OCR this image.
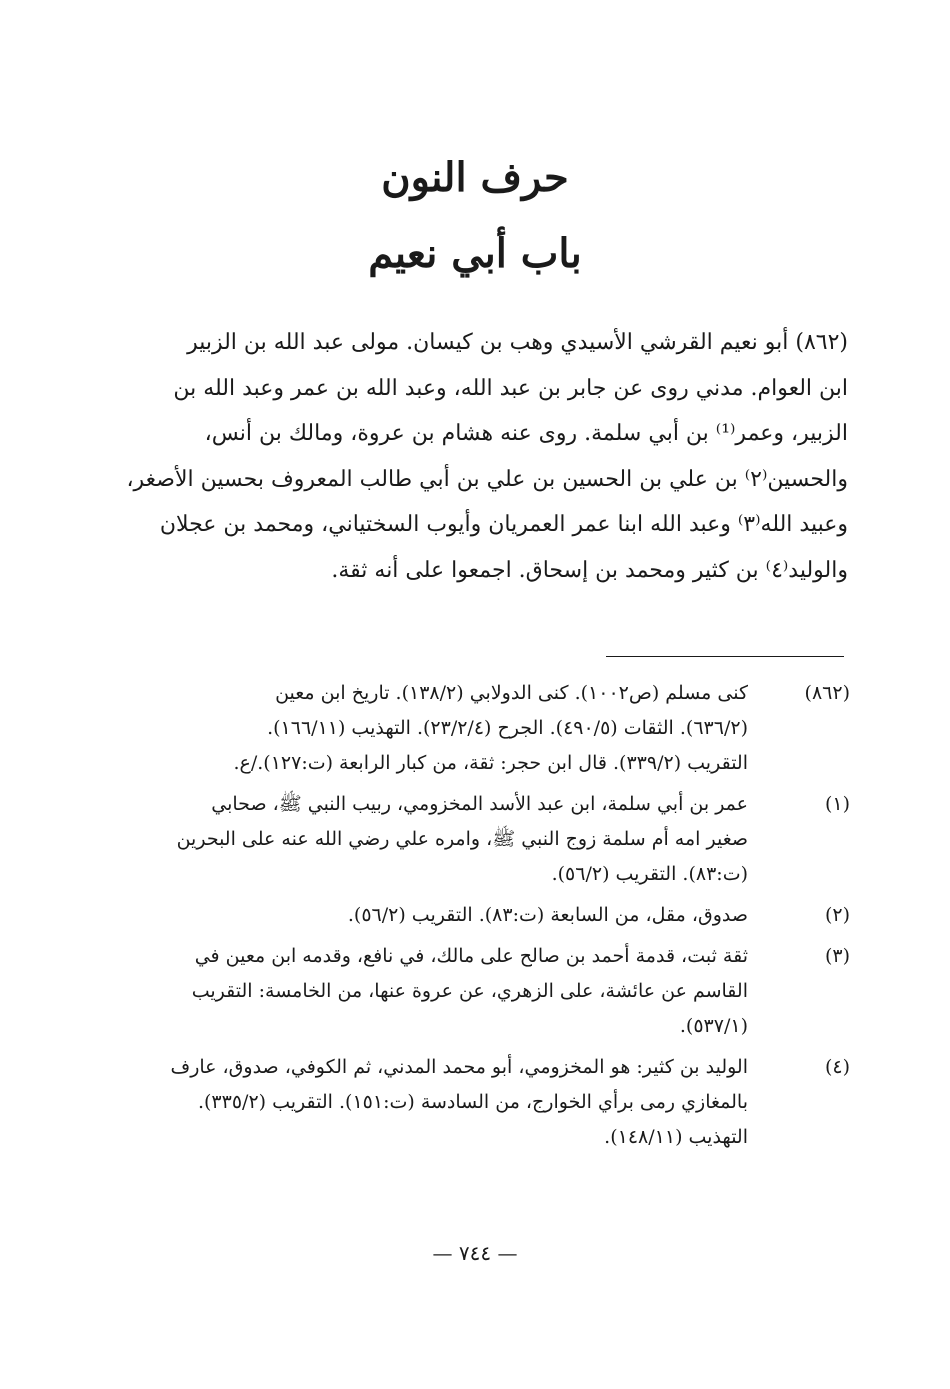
حرف النون
باب أبي نعيم
(٨٦٢) أبو نعيم القرشي الأسيدي وهب بن كيسان. مولى عبد الله بن الزبير
ابن العوام. مدني روى عن جابر بن عبد الله، وعبد الله بن عمر وعبد الله بن
الزبير، وعمر⁽¹⁾ بن أبي سلمة. روى عنه هشام بن عروة، ومالك بن أنس،
والحسين⁽٢⁾ بن علي بن الحسين بن علي بن أبي طالب المعروف بحسين الأصغر،
وعبيد الله⁽٣⁾ وعبد الله ابنا عمر العمريان وأيوب السختياني، ومحمد بن عجلان
والوليد⁽٤⁾ بن كثير ومحمد بن إسحاق. اجمعوا على أنه ثقة.
(٨٦٢)
كنى مسلم (ص١٠٠٢). كنى الدولابي (١٣٨/٢). تاريخ ابن معين
(٦٣٦/٢). الثقات (٤٩٠/٥). الجرح (٢٣/٢/٤). التهذيب (١٦٦/١١).
التقريب (٣٣٩/٢). قال ابن حجر: ثقة، من كبار الرابعة (ت:١٢٧)./ع.
(١)
عمر بن أبي سلمة، ابن عبد الأسد المخزومي، ربيب النبي ﷺ، صحابي
صغير امه أم سلمة زوج النبي ﷺ، وامره علي رضي الله عنه على البحرين
(ت:٨٣). التقريب (٥٦/٢).
(٢)
صدوق، مقل، من السابعة (ت:٨٣). التقريب (٥٦/٢).
(٣)
ثقة ثبت، قدمة أحمد بن صالح على مالك، في نافع، وقدمه ابن معين في
القاسم عن عائشة، على الزهري، عن عروة عنها، من الخامسة: التقريب
(٥٣٧/١).
(٤)
الوليد بن كثير: هو المخزومي، أبو محمد المدني، ثم الكوفي، صدوق، عارف
بالمغازي رمى برأي الخوارج، من السادسة (ت:١٥١). التقريب (٣٣٥/٢).
التهذيب (١٤٨/١١).
— ٧٤٤ —
